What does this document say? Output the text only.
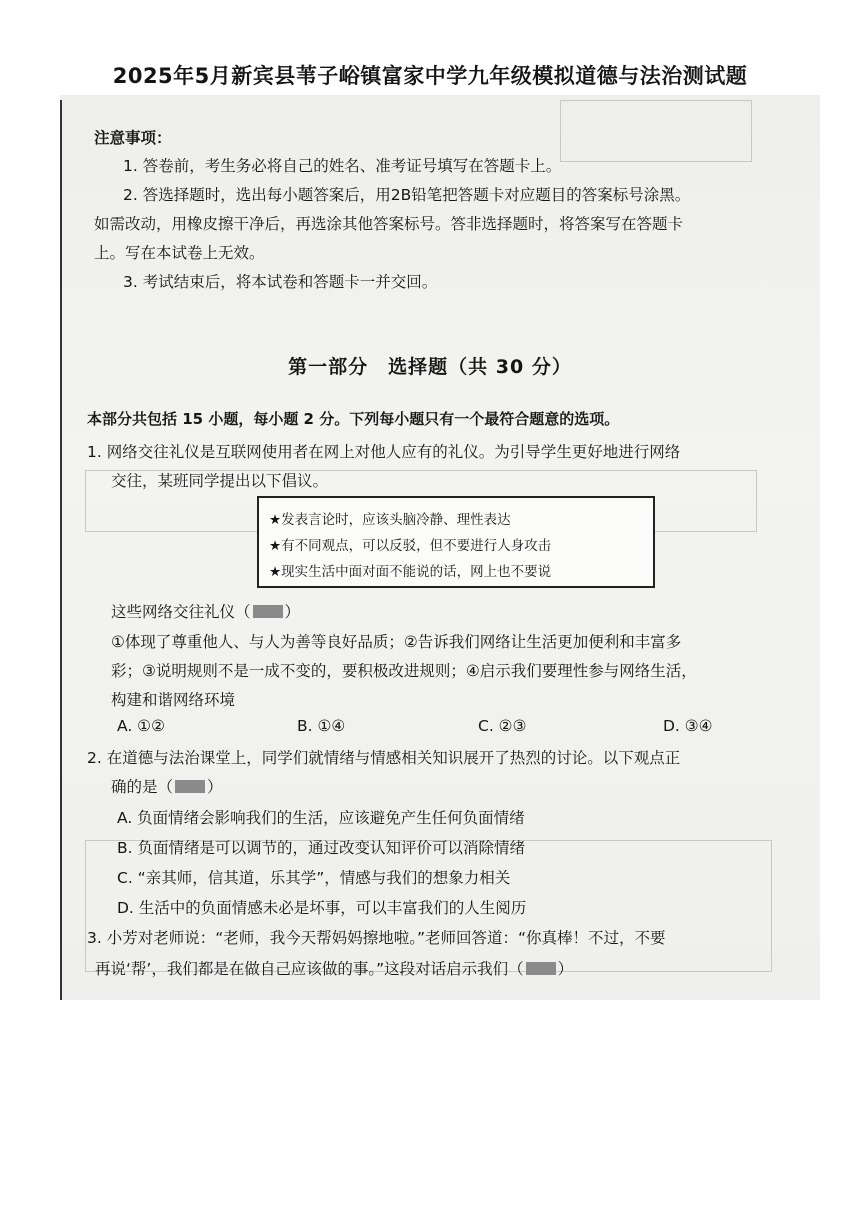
2025年5月新宾县苇子峪镇富家中学九年级模拟道德与法治测试题

注意事项：
1. 答卷前，考生务必将自己的姓名、准考证号填写在答题卡上。
2. 答选择题时，选出每小题答案后，用2B铅笔把答题卡对应题目的答案标号涂黑。
如需改动，用橡皮擦干净后，再选涂其他答案标号。答非选择题时，将答案写在答题卡
上。写在本试卷上无效。
3. 考试结束后，将本试卷和答题卡一并交回。
第一部分　选择题（共 30 分）
本部分共包括 15 小题，每小题 2 分。下列每小题只有一个最符合题意的选项。
1. 网络交往礼仪是互联网使用者在网上对他人应有的礼仪。为引导学生更好地进行网络
交往，某班同学提出以下倡议。
★发表言论时，应该头脑冷静、理性表达
★有不同观点，可以反驳，但不要进行人身攻击
★现实生活中面对面不能说的话，网上也不要说
这些网络交往礼仪（ ）
①体现了尊重他人、与人为善等良好品质；②告诉我们网络让生活更加便利和丰富多
彩；③说明规则不是一成不变的，要积极改进规则；④启示我们要理性参与网络生活，
构建和谐网络环境
A. ①②	B. ①④	C. ②③	D. ③④
2. 在道德与法治课堂上，同学们就情绪与情感相关知识展开了热烈的讨论。以下观点正
确的是（ ）
A. 负面情绪会影响我们的生活，应该避免产生任何负面情绪
B. 负面情绪是可以调节的，通过改变认知评价可以消除情绪
C. “亲其师，信其道，乐其学”，情感与我们的想象力相关
D. 生活中的负面情感未必是坏事，可以丰富我们的人生阅历
3. 小芳对老师说：“老师，我今天帮妈妈擦地啦。”老师回答道：“你真棒！不过，不要
再说‘帮’，我们都是在做自己应该做的事。”这段对话启示我们（ ）
